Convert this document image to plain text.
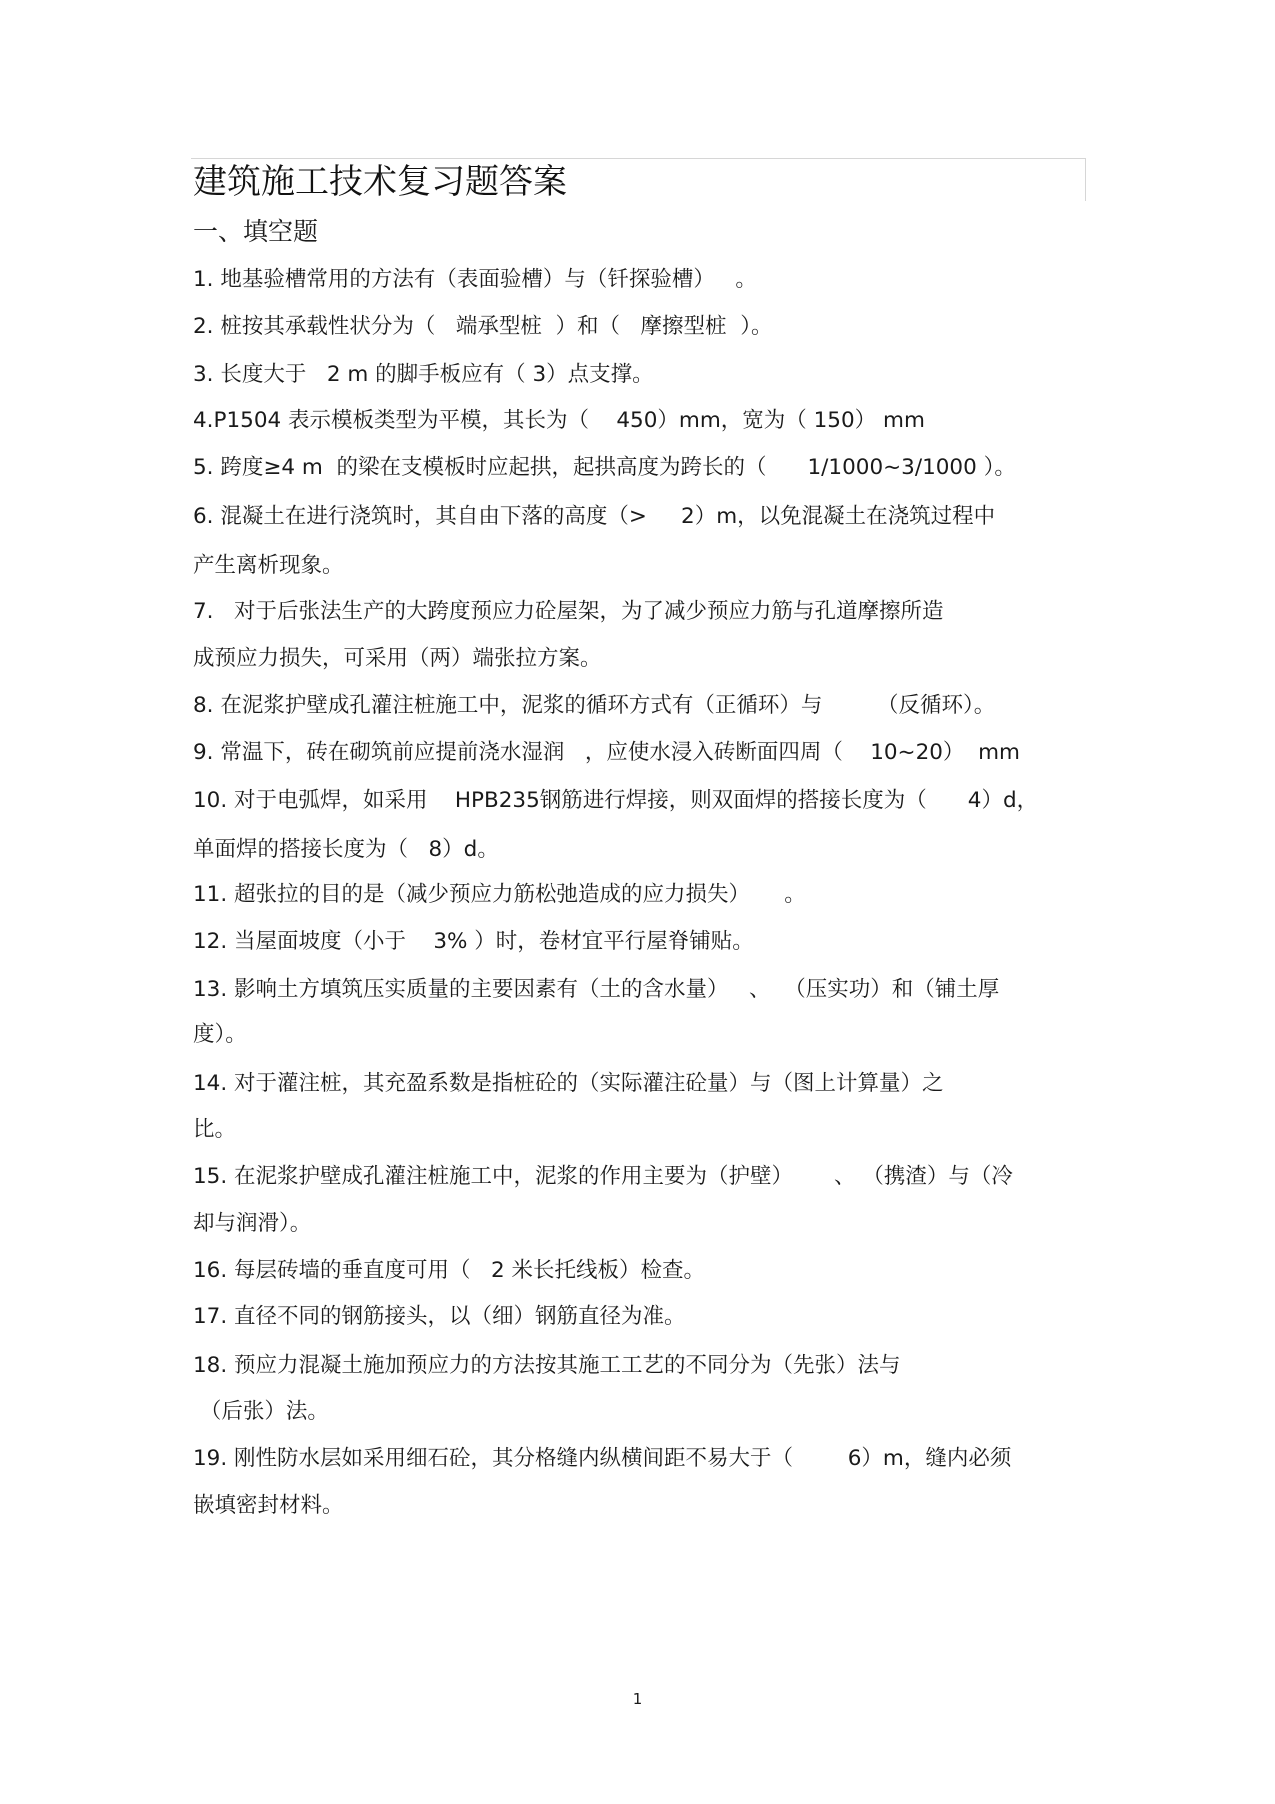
建筑施工技术复习题答案
一、填空题
1. 地基验槽常用的方法有（表面验槽）与（钎探验槽）   。
2. 桩按其承载性状分为（   端承型桩  ）和（   摩擦型桩  ）。
3. 长度大于   2 m 的脚手板应有（ 3）点支撑。
4.P1504 表示模板类型为平模，其长为（    450）mm，宽为（ 150） mm
5. 跨度≥4 m  的梁在支模板时应起拱，起拱高度为跨长的（      1/1000~3/1000 ）。
6. 混凝土在进行浇筑时，其自由下落的高度（>     2）m，以免混凝土在浇筑过程中
产生离析现象。
7.   对于后张法生产的大跨度预应力砼屋架，为了减少预应力筋与孔道摩擦所造
成预应力损失，可采用（两）端张拉方案。
8. 在泥浆护壁成孔灌注桩施工中，泥浆的循环方式有（正循环）与        （反循环）。
9. 常温下，砖在砌筑前应提前浇水湿润   ，应使水浸入砖断面四周（    10~20）  mm
10. 对于电弧焊，如采用    HPB235钢筋进行焊接，则双面焊的搭接长度为（      4）d，
单面焊的搭接长度为（   8）d。
11. 超张拉的目的是（减少预应力筋松弛造成的应力损失）     。
12. 当屋面坡度（小于    3% ）时，卷材宜平行屋脊铺贴。
13. 影响土方填筑压实质量的主要因素有（土的含水量）   、  （压实功）和（铺土厚
度）。
14. 对于灌注桩，其充盈系数是指桩砼的（实际灌注砼量）与（图上计算量）之
比。
15. 在泥浆护壁成孔灌注桩施工中，泥浆的作用主要为（护壁）      、 （携渣）与（冷
却与润滑）。
16. 每层砖墙的垂直度可用（   2 米长托线板）检查。
17. 直径不同的钢筋接头，以（细）钢筋直径为准。
18. 预应力混凝土施加预应力的方法按其施工工艺的不同分为（先张）法与
（后张）法。
19. 刚性防水层如采用细石砼，其分格缝内纵横间距不易大于（        6）m，缝内必须
嵌填密封材料。
1
